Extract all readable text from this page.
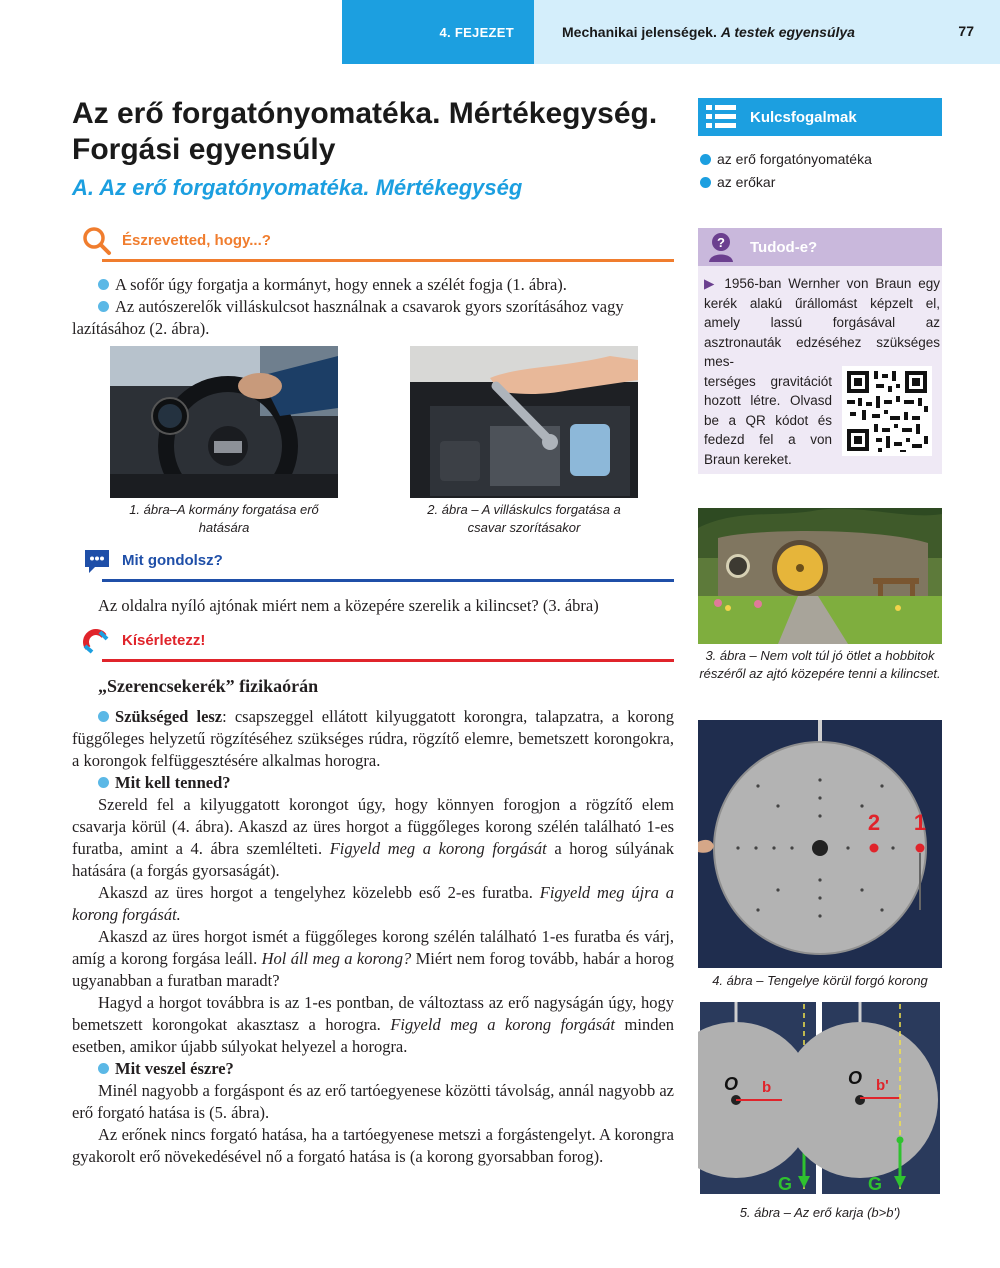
4. FEJEZET	Mechanikai jelenségek. A testek egyensúlya	77
Az erő forgatónyomatéka. Mértékegység.
Forgási egyensúly
A. Az erő forgatónyomatéka. Mértékegység
Észrevetted, hogy...?
A sofőr úgy forgatja a kormányt, hogy ennek a szélét fogja (1. ábra).
Az autószerelők villáskulcsot használnak a csavarok gyors szorításához vagy lazításához (2. ábra).
1. ábra–A kormány forgatása erő hatására
2. ábra – A villáskulcs forgatása a csavar szorításakor
Mit gondolsz?
Az oldalra nyíló ajtónak miért nem a közepére szerelik a kilincset? (3. ábra)
Kísérletezz!
„Szerencsekerék” fizikaórán
Szükséged lesz: csapszeggel ellátott kilyuggatott korongra, talapzatra, a korong függőleges helyzetű rögzítéséhez szükséges rúdra, rögzítő elemre, bemetszett korongokra, a korongok felfüggesztésére alkalmas horogra.
Mit kell tenned?
Szereld fel a kilyuggatott korongot úgy, hogy könnyen forogjon a rögzítő elem csavarja körül (4. ábra). Akaszd az üres horgot a függőleges korong szélén található 1-es furatba, amint a 4. ábra szemlélteti. Figyeld meg a korong forgását a horog súlyának hatására (a forgás gyorsaságát).
Akaszd az üres horgot a tengelyhez közelebb eső 2-es furatba. Figyeld meg újra a korong forgását.
Akaszd az üres horgot ismét a függőleges korong szélén található 1-es furatba és várj, amíg a korong forgása leáll. Hol áll meg a korong? Miért nem forog tovább, habár a horog ugyanabban a furatban maradt?
Hagyd a horgot továbbra is az 1-es pontban, de változtass az erő nagyságán úgy, hogy bemetszett korongokat akasztasz a horogra. Figyeld meg a korong forgását minden esetben, amikor újabb súlyokat helyezel a horogra.
Mit veszel észre?
Minél nagyobb a forgáspont és az erő tartóegyenese közötti távolság, annál nagyobb az erő forgató hatása is (5. ábra).
Az erőnek nincs forgató hatása, ha a tartóegyenese metszi a forgástengelyt. A korongra gyakorolt erő növekedésével nő a forgató hatása is (a korong gyorsabban forog).
Kulcsfogalmak
az erő forgatónyomatéka
az erőkar
? Tudod-e?
▶ 1956-ban Wernher von Braun egy kerék alakú űrállomást képzelt el, amely lassú forgásával az asztronauták edzéséhez szükséges mes-
terséges gravitációt hozott létre. Olvasd be a QR kódot és fedezd fel a von Braun kereket.
3. ábra – Nem volt túl jó ötlet a hobbitok részéről az ajtó közepére tenni a kilincset.
2 1
4. ábra – Tengelye körül forgó korong
O b
G
O b'
G
5. ábra – Az erő karja (b>b')
